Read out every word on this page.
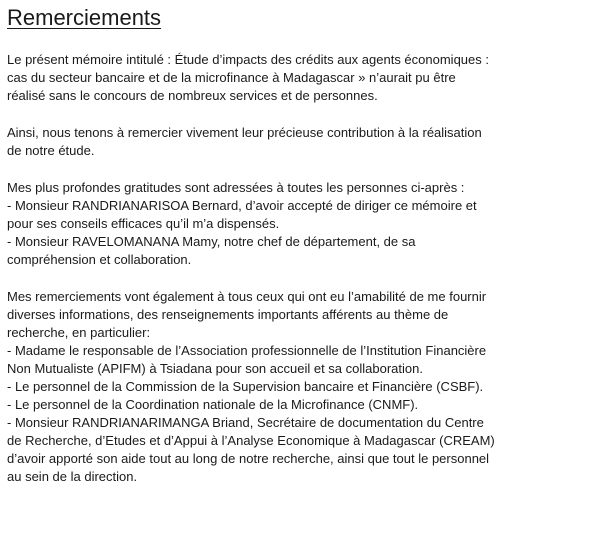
Remerciements
Le présent mémoire intitulé : Étude d’impacts des crédits aux agents économiques :
cas du secteur bancaire et de la microfinance à Madagascar » n’aurait pu être
réalisé sans le concours de nombreux services et de personnes.
Ainsi, nous tenons à remercier vivement leur précieuse contribution à la réalisation
de notre étude.
Mes plus profondes gratitudes sont adressées à toutes les personnes ci-après :
- Monsieur RANDRIANARISOA Bernard, d’avoir accepté de diriger ce mémoire et
pour ses conseils efficaces qu’il m’a dispensés.
- Monsieur RAVELOMANANA Mamy, notre chef de département, de sa
compréhension et collaboration.
Mes remerciements vont également à tous ceux qui ont eu l’amabilité de me fournir
diverses informations, des renseignements importants afférents au thème de
recherche, en particulier:
- Madame le responsable de l’Association professionnelle de l’Institution Financière
Non Mutualiste (APIFM) à Tsiadana pour son accueil et sa collaboration.
- Le personnel de la Commission de la Supervision bancaire et Financière (CSBF).
- Le personnel de la Coordination nationale de la Microfinance (CNMF).
- Monsieur RANDRIANARIMANGA Briand, Secrétaire de documentation du Centre
de Recherche, d’Etudes et d’Appui à l’Analyse Economique à Madagascar (CREAM)
d’avoir apporté son aide tout au long de notre recherche, ainsi que tout le personnel
au sein de la direction.
